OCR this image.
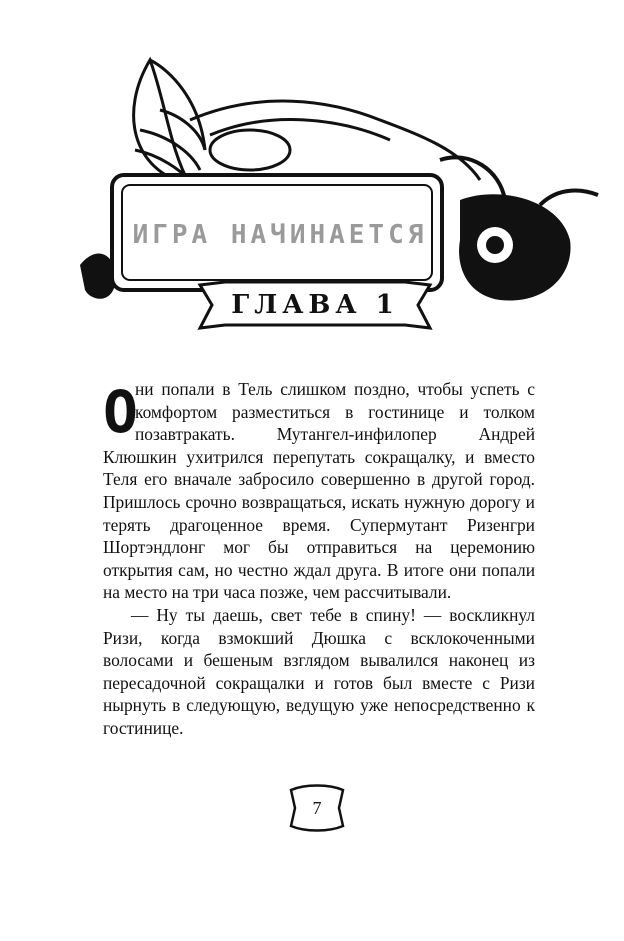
ИГРА НАЧИНАЕТСЯ
ГЛАВА 1

О
ни попали в Тель слишком поздно, чтобы успеть с комфортом разместиться в гостинице и толком позавтракать. Мутангел-инфилопер Андрей Клюшкин ухитрился перепутать сокращалку, и вместо Теля его вначале забросило совершенно в другой город. Пришлось срочно возвращаться, искать нужную дорогу и терять драгоценное время. Супермутант Ризенгри Шортэндлонг мог бы отправиться на церемонию открытия сам, но честно ждал друга. В итоге они попали на место на три часа позже, чем рассчитывали.

— Ну ты даешь, свет тебе в спину! — воскликнул Ризи, когда взмокший Дюшка с всклокоченными волосами и бешеным взглядом вывалился наконец из пересадочной сокращалки и готов был вместе с Ризи нырнуть в следующую, ведущую уже непосредственно к гостинице.

7
